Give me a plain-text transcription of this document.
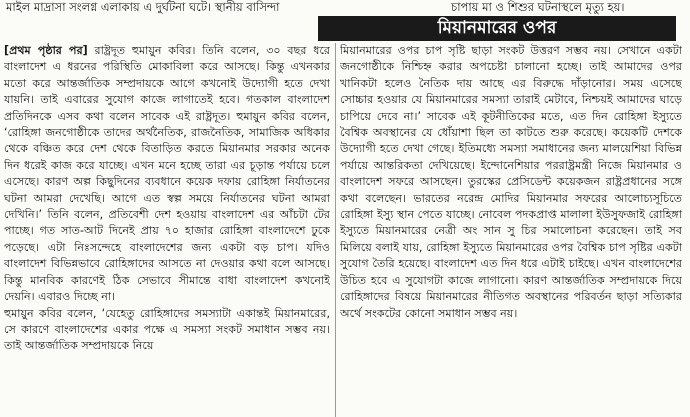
মাইল মাদ্রাসা সংলগ্ন এলাকায় এ দুর্ঘটনা ঘটে। স্থানীয় বাসিন্দা	চাপায় মা ও শিশুর ঘটনাস্থলে মৃত্যু হয়।
মিয়ানমারের ওপর

[প্রথম পৃষ্ঠার পর] রাষ্ট্রদূত হুমায়ুন কবির। তিনি বলেন, ৩০ বছর ধরে বাংলাদেশ এ ধরনের পরিস্থিতি মোকাবিলা করে আসছে। কিন্তু এখনকার মতো করে আন্তর্জাতিক সম্প্রদায়কে আগে কখনোই উদ্যোগী হতে দেখা যায়নি। তাই এবারের সুযোগ কাজে লাগাতেই হবে। গতকাল বাংলাদেশ প্রতিদিনকে এসব কথা বলেন সাবেক এই রাষ্ট্রদূত। হুমায়ুন কবির বলেন, ‘রোহিঙ্গা জনগোষ্ঠীকে তাদের অর্থনৈতিক, রাজনৈতিক, সামাজিক অধিকার থেকে বঞ্চিত করে দেশ থেকে বিতাড়িত করতে মিয়ানমার সরকার অনেক দিন ধরেই কাজ করে যাচ্ছে। এখন মনে হচ্ছে তারা এর চূড়ান্ত পর্যায়ে চলে এসেছে। কারণ অল্প কিছুদিনের ব্যবধানে কয়েক দফায় রোহিঙ্গা নির্যাতনের ঘটনা আমরা দেখেছি। আগে এত স্বল্প সময়ে নির্যাতনের ঘটনা আমরা দেখিনি।’ তিনি বলেন, প্রতিবেশী দেশ হওয়ায় বাংলাদেশ এর আঁচটা টের পাচ্ছে। গত সাত-আট দিনেই প্রায় ৭০ হাজার রোহিঙ্গা বাংলাদেশে ঢুকে পড়েছে। এটা নিঃসন্দেহে বাংলাদেশের জন্য একটা বড় চাপ। যদিও বাংলাদেশ বিভিন্নভাবে রোহিঙ্গাদের আসতে না দেওয়ার কথা বলে আসছে। কিন্তু মানবিক কারণেই ঠিক সেভাবে সীমান্তে বাধা বাংলাদেশ কখনোই দেয়নি। এবারও দিচ্ছে না।

হুমায়ুন কবির বলেন, ‘যেহেতু রোহিঙ্গাদের সমস্যাটা একান্তই মিয়ানমারের, সে কারণে বাংলাদেশের একার পক্ষে এ সমস্যা সংকট সমাধান সম্ভব নয়। তাই আন্তর্জাতিক সম্প্রদায়কে নিয়ে

মিয়ানমারের ওপর চাপ সৃষ্টি ছাড়া সংকট উত্তরণ সম্ভব নয়। সেখানে একটা জনগোষ্ঠীকে নিশ্চিহ্ন করার অপচেষ্টা চালানো হচ্ছে। তাই আমাদের ওপর খানিকটা হলেও নৈতিক দায় আছে এর বিরুদ্ধে দাঁড়ানোর। সময় এসেছে সোচ্চার হওয়ার যে মিয়ানমারের সমস্যা তারাই মেটাবে, নিশ্চয়ই আমাদের ঘাড়ে চাপিয়ে দেবে না।’ সাবেক এই কূটনীতিকের মতে, এত দিন রোহিঙ্গা ইস্যুতে বৈশ্বিক অবস্থানের যে ধোঁয়াশা ছিল তা কাটতে শুরু করেছে। কয়েকটি দেশকে উদ্যোগী হতে দেখা গেছে। ইতিমধ্যে সমস্যা সমাধানের জন্য মালয়েশিয়া বিভিন্ন পর্যায়ে আন্তরিকতা দেখিয়েছে। ইন্দোনেশিয়ার পররাষ্ট্রমন্ত্রী নিজে মিয়ানমার ও বাংলাদেশ সফরে আসছেন। তুরস্কের প্রেসিডেন্ট কয়েকজন রাষ্ট্রপ্রধানের সঙ্গে কথা বলেছেন। ভারতের নরেন্দ্র মোদির মিয়ানমার সফরের আলোচ্যসূচিতে রোহিঙ্গা ইস্যু স্থান পেতে যাচ্ছে। নোবেল পদকপ্রাপ্ত মালালা ইউসুফজাই রোহিঙ্গা ইস্যুতে মিয়ানমারের নেত্রী অং সান সু চির সমালোচনা করেছেন। তাই সব মিলিয়ে বলাই যায়, রোহিঙ্গা ইস্যুতে মিয়ানমারের ওপর বৈশ্বিক চাপ সৃষ্টির একটা সুযোগ তৈরি হয়েছে। বাংলাদেশ এত দিন ধরে এটাই চাইছে। এখন বাংলাদেশের উচিত হবে এ সুযোগটা কাজে লাগানো। কারণ আন্তর্জাতিক সম্প্রদায়কে দিয়ে রোহিঙ্গাদের বিষয়ে মিয়ানমারের নীতিগত অবস্থানের পরিবর্তন ছাড়া সত্যিকার অর্থে সংকটের কোনো সমাধান সম্ভব নয়।
